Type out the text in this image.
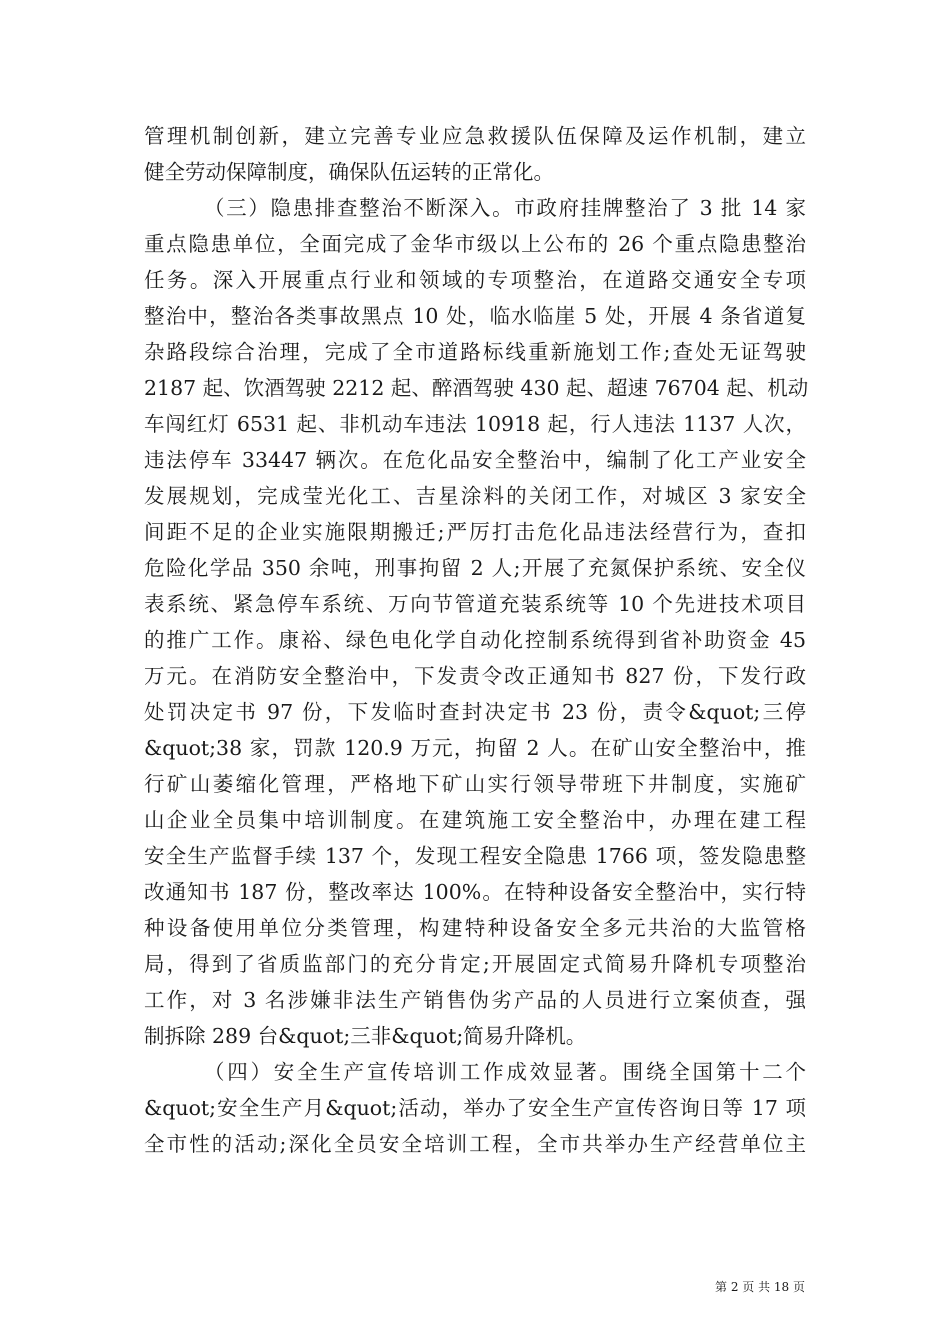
管理机制创新，建立完善专业应急救援队伍保障及运作机制，建立
健全劳动保障制度，确保队伍运转的正常化。
（三）隐患排查整治不断深入。市政府挂牌整治了 3 批 14 家
重点隐患单位，全面完成了金华市级以上公布的 26 个重点隐患整治
任务。深入开展重点行业和领域的专项整治，在道路交通安全专项
整治中，整治各类事故黑点 10 处，临水临崖 5 处，开展 4 条省道复
杂路段综合治理，完成了全市道路标线重新施划工作;查处无证驾驶
2187 起、饮酒驾驶 2212 起、醉酒驾驶 430 起、超速 76704 起、机动
车闯红灯 6531 起、非机动车违法 10918 起，行人违法 1137 人次，
违法停车 33447 辆次。在危化品安全整治中，编制了化工产业安全
发展规划，完成莹光化工、吉星涂料的关闭工作，对城区 3 家安全
间距不足的企业实施限期搬迁;严厉打击危化品违法经营行为，查扣
危险化学品 350 余吨，刑事拘留 2 人;开展了充氮保护系统、安全仪
表系统、紧急停车系统、万向节管道充装系统等 10 个先进技术项目
的推广工作。康裕、绿色电化学自动化控制系统得到省补助资金 45
万元。在消防安全整治中，下发责令改正通知书 827 份，下发行政
处罚决定书 97 份，下发临时查封决定书 23 份，责令&quot;三停
&quot;38 家，罚款 120.9 万元，拘留 2 人。在矿山安全整治中，推
行矿山萎缩化管理，严格地下矿山实行领导带班下井制度，实施矿
山企业全员集中培训制度。在建筑施工安全整治中，办理在建工程
安全生产监督手续 137 个，发现工程安全隐患 1766 项，签发隐患整
改通知书 187 份，整改率达 100%。在特种设备安全整治中，实行特
种设备使用单位分类管理，构建特种设备安全多元共治的大监管格
局，得到了省质监部门的充分肯定;开展固定式简易升降机专项整治
工作，对 3 名涉嫌非法生产销售伪劣产品的人员进行立案侦查，强
制拆除 289 台&quot;三非&quot;简易升降机。
（四）安全生产宣传培训工作成效显著。围绕全国第十二个
&quot;安全生产月&quot;活动，举办了安全生产宣传咨询日等 17 项
全市性的活动;深化全员安全培训工程，全市共举办生产经营单位主
第 2 页 共 18 页
